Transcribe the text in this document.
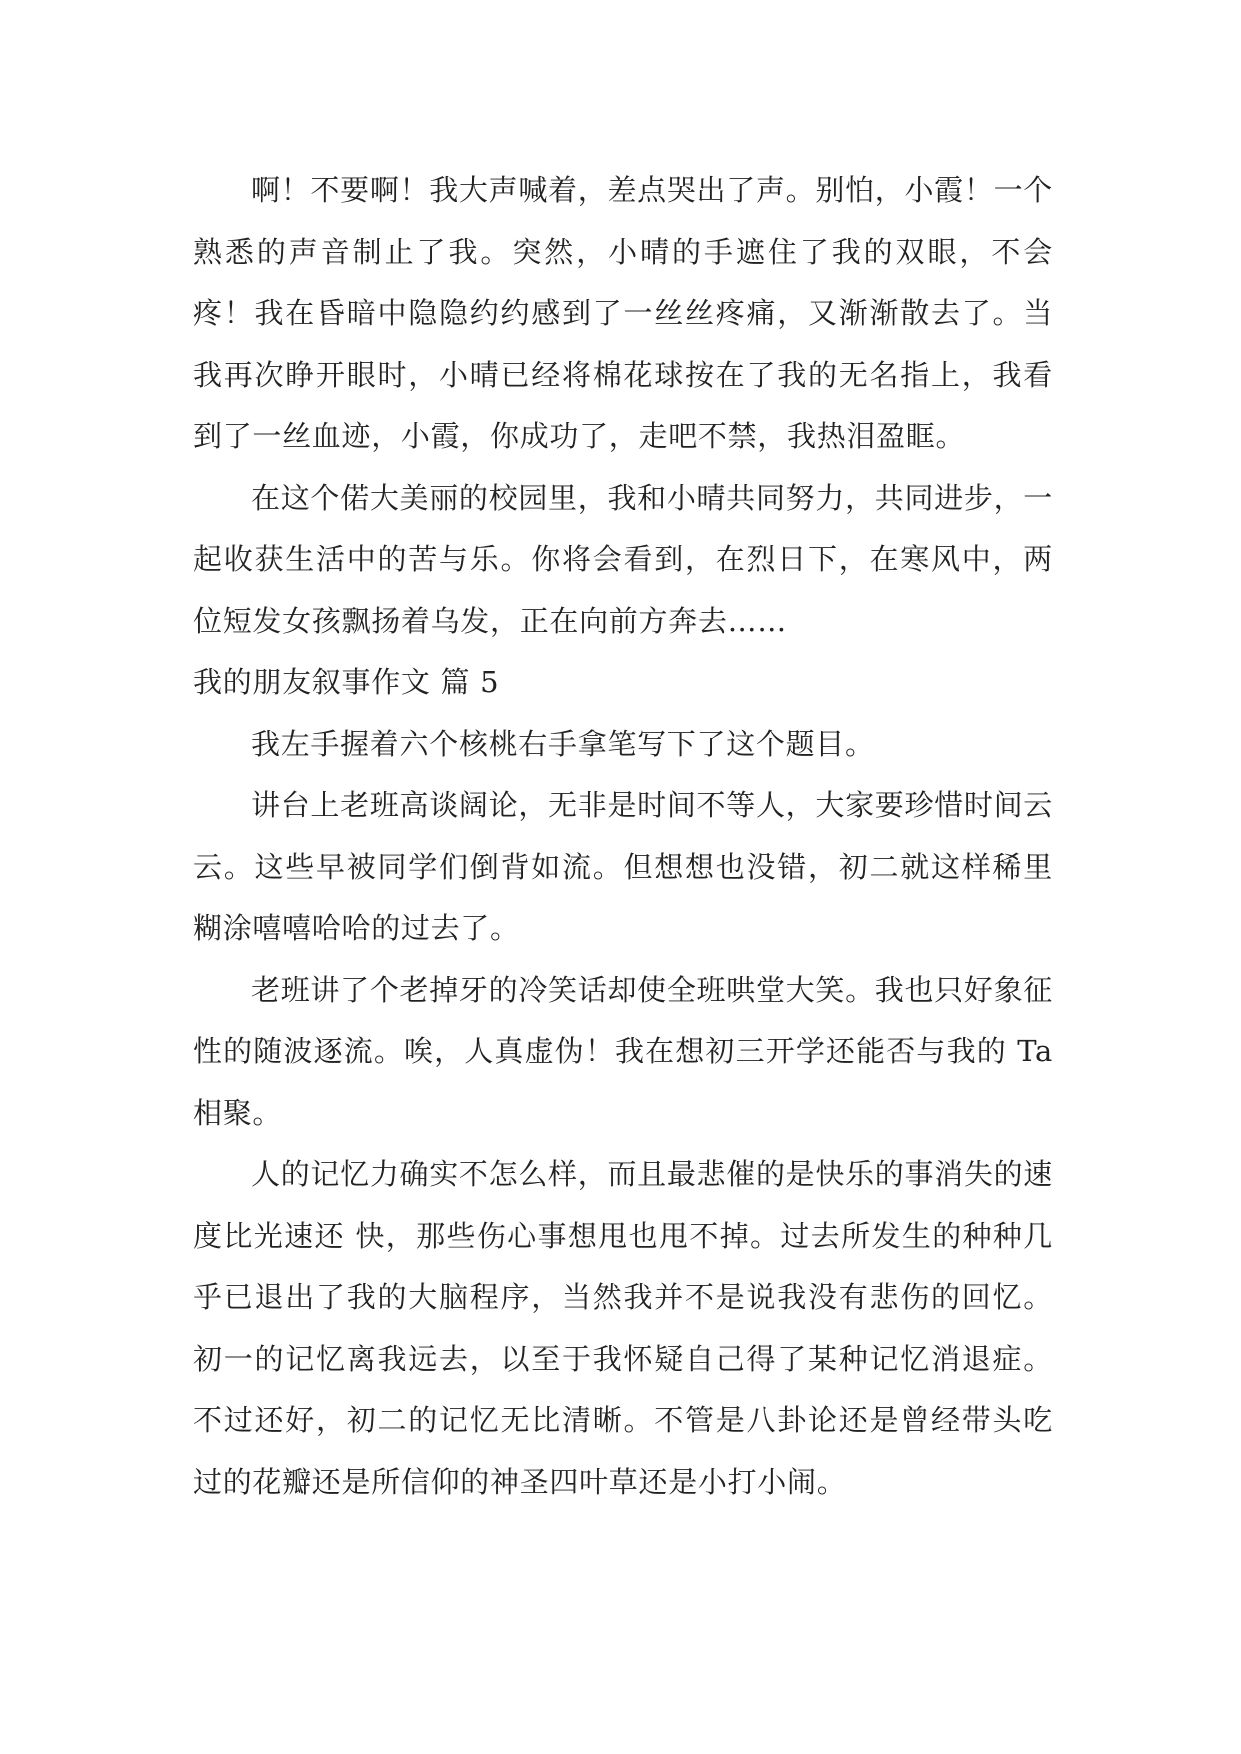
啊！不要啊！我大声喊着，差点哭出了声。别怕，小霞！一个熟悉的声音制止了我。突然，小晴的手遮住了我的双眼，不会疼！我在昏暗中隐隐约约感到了一丝丝疼痛，又渐渐散去了。当我再次睁开眼时，小晴已经将棉花球按在了我的无名指上，我看到了一丝血迹，小霞，你成功了，走吧不禁，我热泪盈眶。

在这个偌大美丽的校园里，我和小晴共同努力，共同进步，一起收获生活中的苦与乐。你将会看到，在烈日下，在寒风中，两位短发女孩飘扬着乌发，正在向前方奔去……

我的朋友叙事作文 篇 5

我左手握着六个核桃右手拿笔写下了这个题目。

讲台上老班高谈阔论，无非是时间不等人，大家要珍惜时间云云。这些早被同学们倒背如流。但想想也没错，初二就这样稀里糊涂嘻嘻哈哈的过去了。

老班讲了个老掉牙的冷笑话却使全班哄堂大笑。我也只好象征性的随波逐流。唉，人真虚伪！我在想初三开学还能否与我的 Ta 相聚。

人的记忆力确实不怎么样，而且最悲催的是快乐的事消失的速度比光速还 快，那些伤心事想甩也甩不掉。过去所发生的种种几乎已退出了我的大脑程序，当然我并不是说我没有悲伤的回忆。初一的记忆离我远去，以至于我怀疑自己得了某种记忆消退症。不过还好，初二的记忆无比清晰。不管是八卦论还是曾经带头吃过的花瓣还是所信仰的神圣四叶草还是小打小闹。
